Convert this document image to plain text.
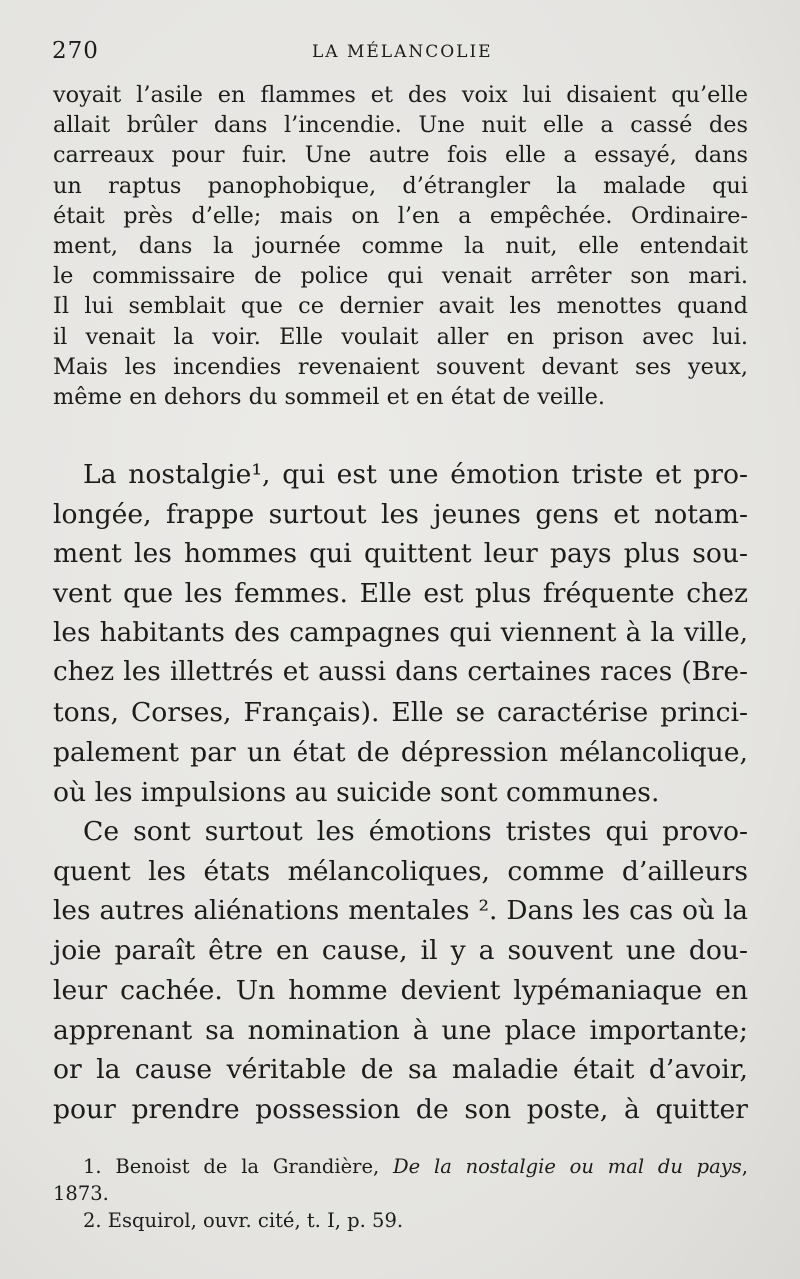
270	LA MÉLANCOLIE
voyait l’asile en flammes et des voix lui disaient qu’elle
allait brûler dans l’incendie. Une nuit elle a cassé des
carreaux pour fuir. Une autre fois elle a essayé, dans
un raptus panophobique, d’étrangler la malade qui
était près d’elle; mais on l’en a empêchée. Ordinaire-
ment, dans la journée comme la nuit, elle entendait
le commissaire de police qui venait arrêter son mari.
Il lui semblait que ce dernier avait les menottes quand
il venait la voir. Elle voulait aller en prison avec lui.
Mais les incendies revenaient souvent devant ses yeux,
même en dehors du sommeil et en état de veille.
La nostalgie¹, qui est une émotion triste et pro-
longée, frappe surtout les jeunes gens et notam-
ment les hommes qui quittent leur pays plus sou-
vent que les femmes. Elle est plus fréquente chez
les habitants des campagnes qui viennent à la ville,
chez les illettrés et aussi dans certaines races (Bre-
tons, Corses, Français). Elle se caractérise princi-
palement par un état de dépression mélancolique,
où les impulsions au suicide sont communes.
Ce sont surtout les émotions tristes qui provo-
quent les états mélancoliques, comme d’ailleurs
les autres aliénations mentales ². Dans les cas où la
joie paraît être en cause, il y a souvent une dou-
leur cachée. Un homme devient lypémaniaque en
apprenant sa nomination à une place importante;
or la cause véritable de sa maladie était d’avoir,
pour prendre possession de son poste, à quitter
1. Benoist de la Grandière, De la nostalgie ou mal du pays,
1873.
2. Esquirol, ouvr. cité, t. I, p. 59.
